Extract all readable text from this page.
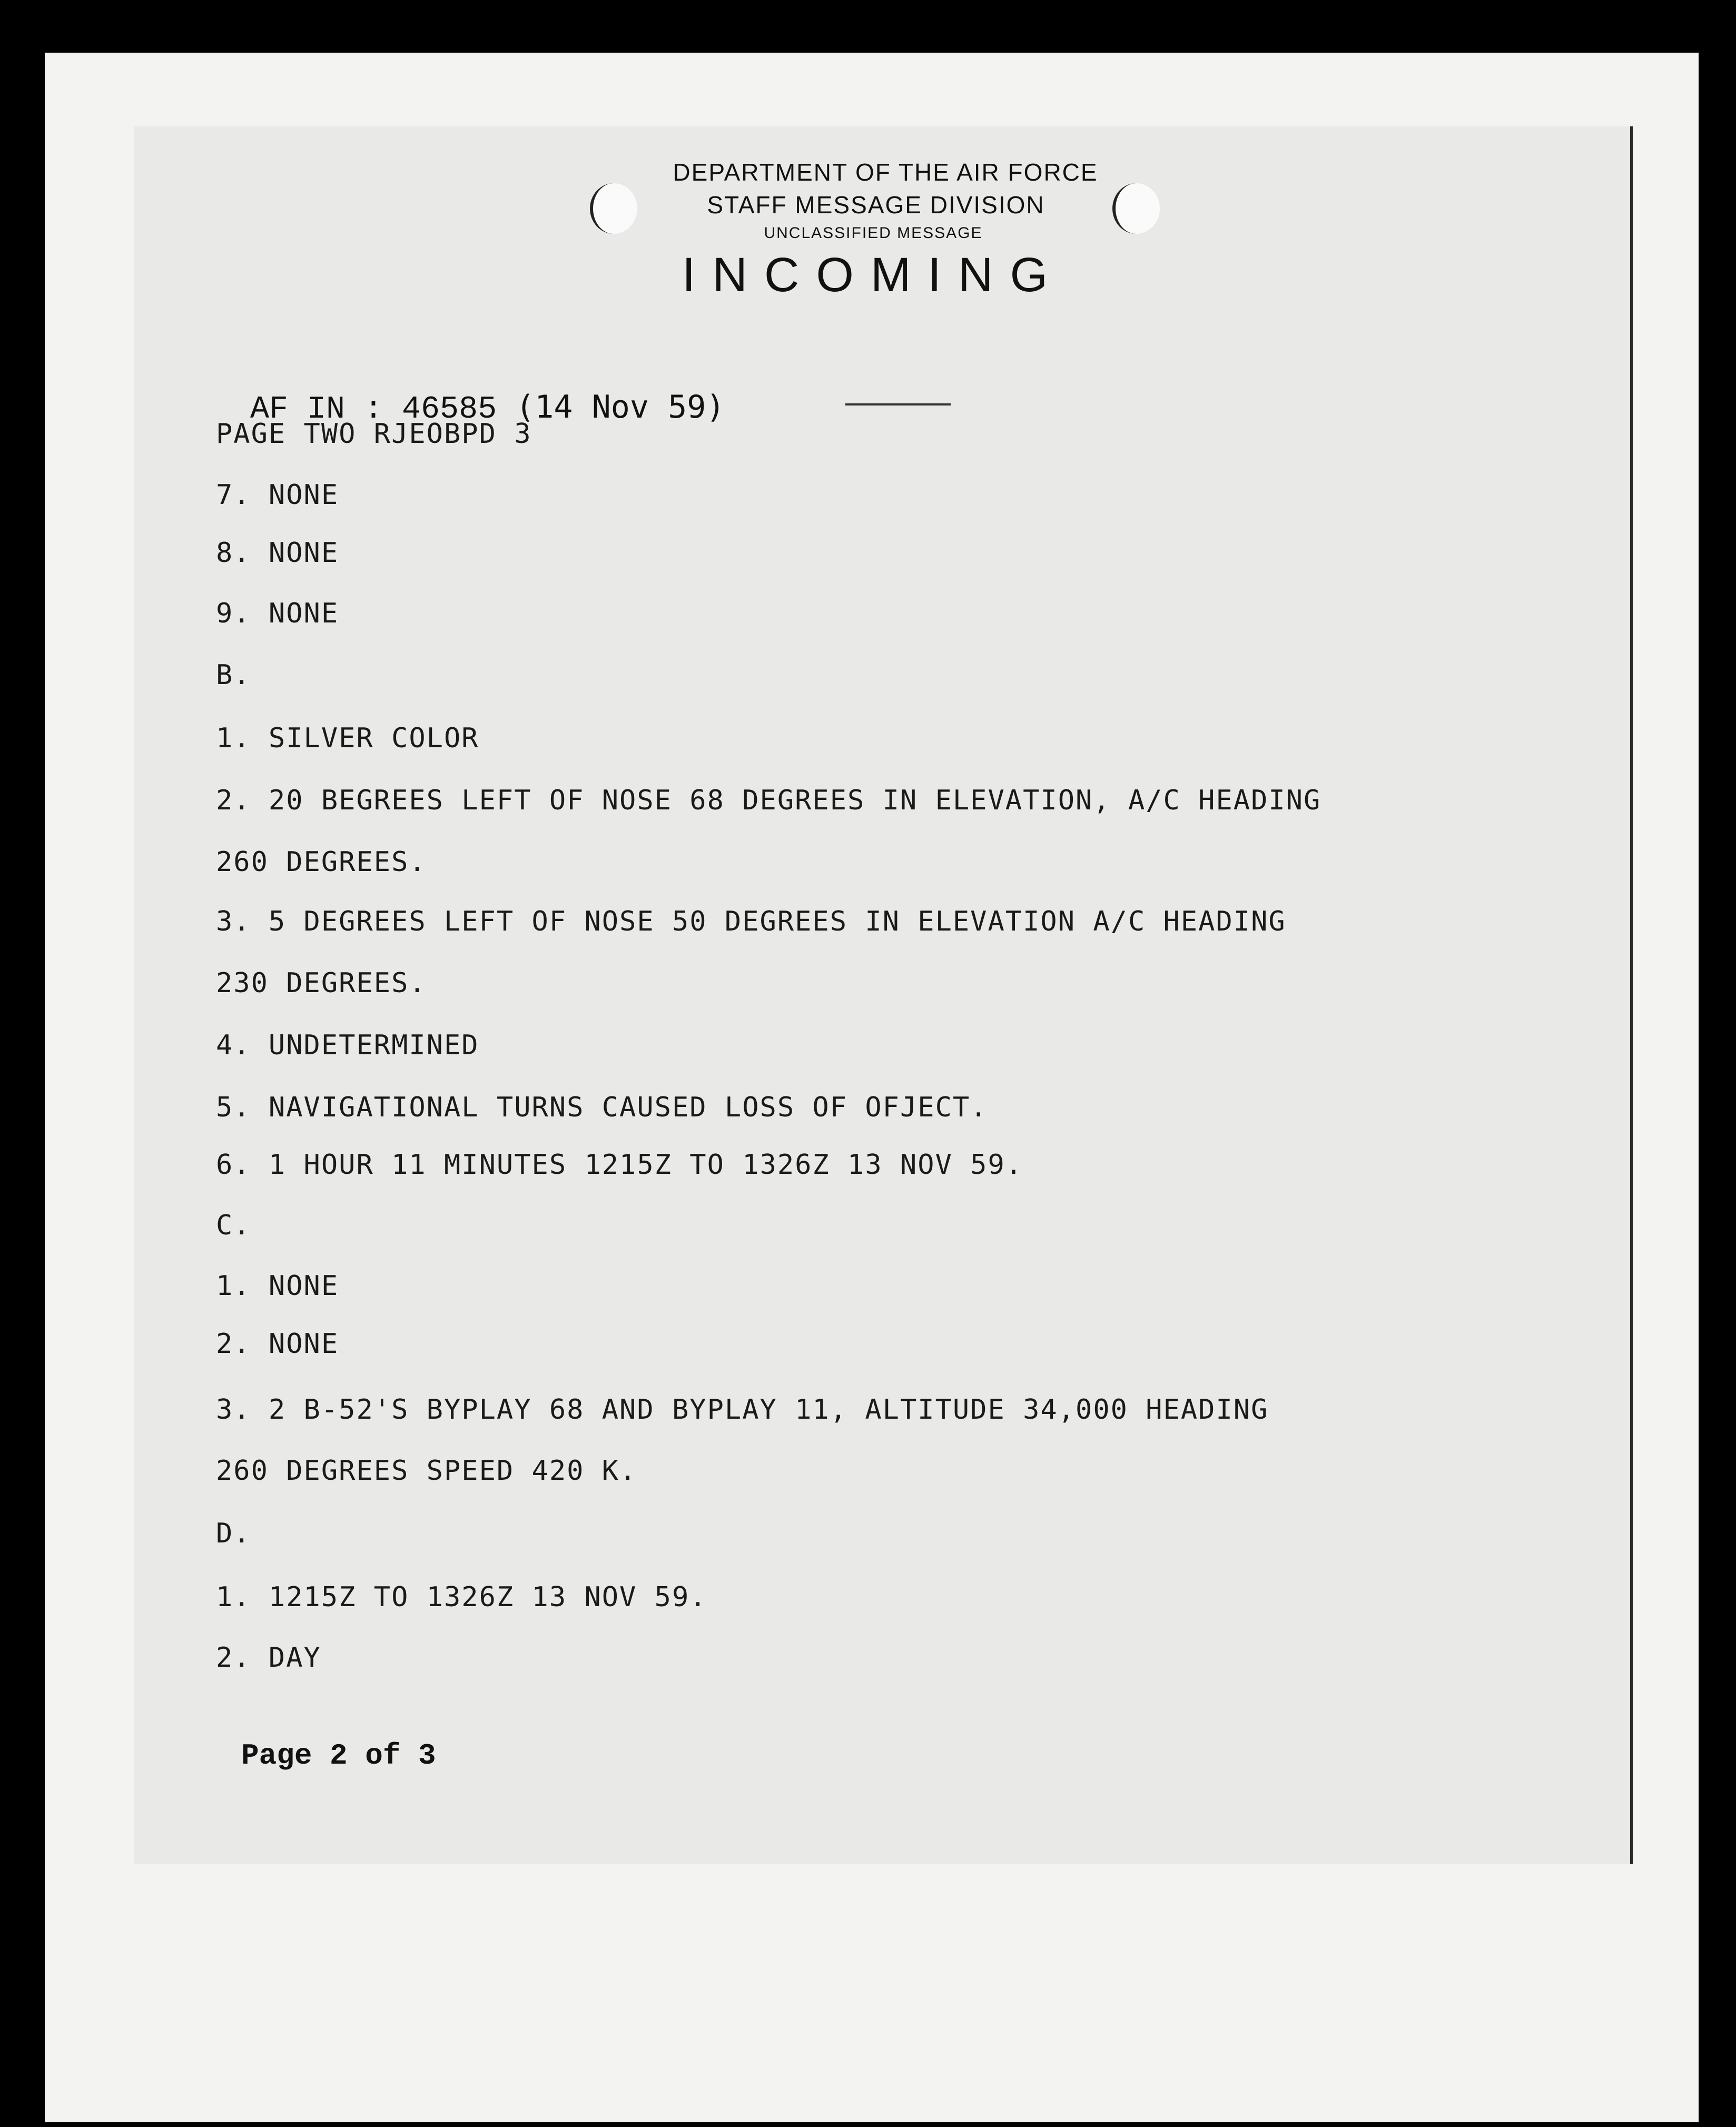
DEPARTMENT OF THE AIR FORCE
STAFF MESSAGE DIVISION
UNCLASSIFIED MESSAGE
INCOMING
AF IN : 46585 (14 Nov 59)
PAGE TWO RJEOBPD 3
7. NONE
8. NONE
9. NONE
B.
1. SILVER COLOR
2. 20 BEGREES LEFT OF NOSE 68 DEGREES IN ELEVATION, A/C HEADING
260 DEGREES.
3. 5 DEGREES LEFT OF NOSE 50 DEGREES IN ELEVATION A/C HEADING
230 DEGREES.
4. UNDETERMINED
5. NAVIGATIONAL TURNS CAUSED LOSS OF OFJECT.
6. 1 HOUR 11 MINUTES 1215Z TO 1326Z 13 NOV 59.
C.
1. NONE
2. NONE
3. 2 B-52'S BYPLAY 68 AND BYPLAY 11, ALTITUDE 34,000 HEADING
260 DEGREES SPEED 420 K.
D.
1. 1215Z TO 1326Z 13 NOV 59.
2. DAY
Page 2 of 3
